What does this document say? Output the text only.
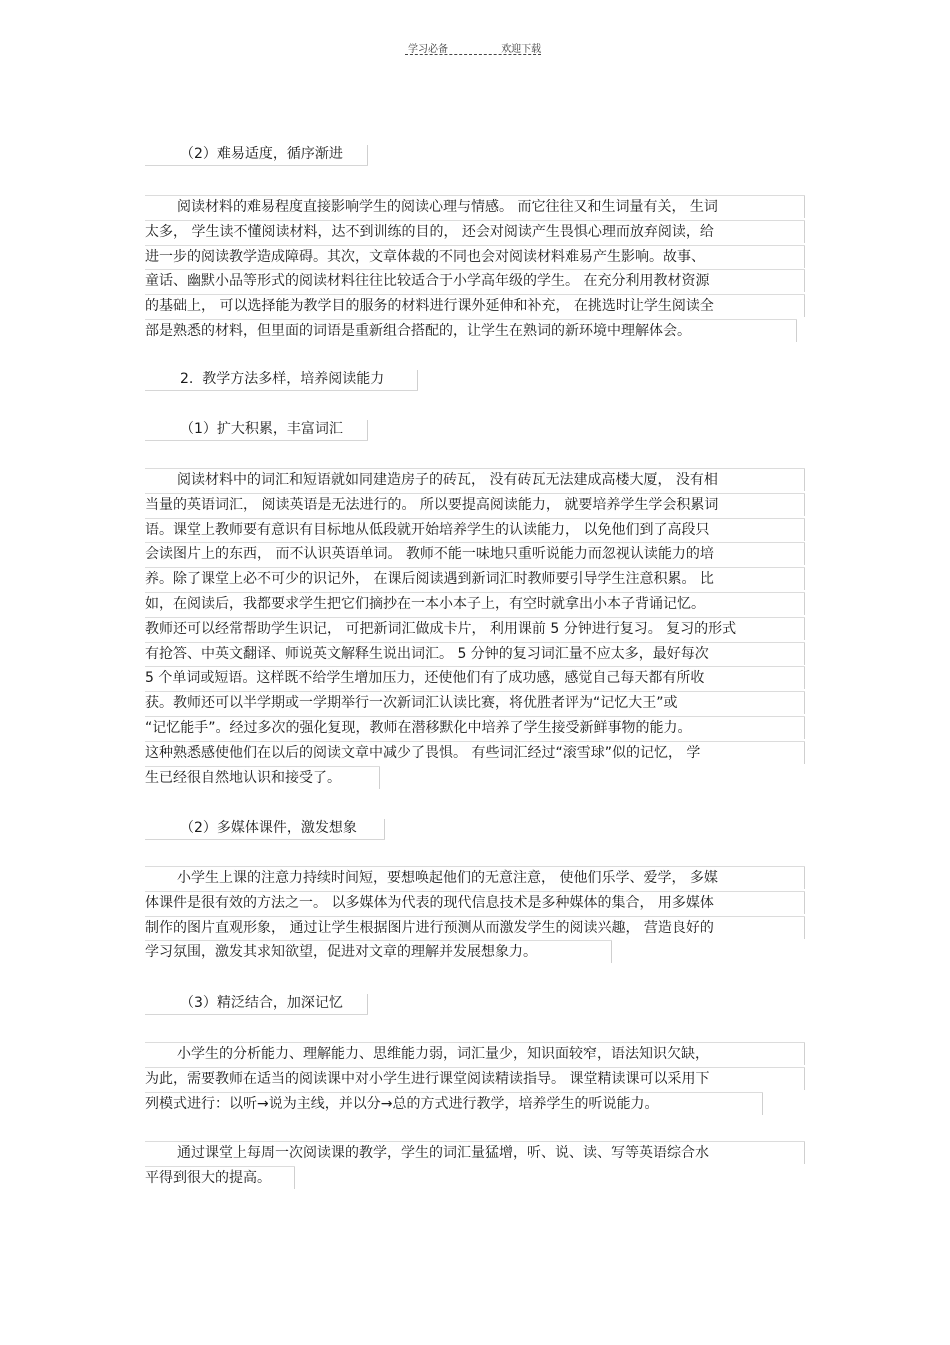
学习必备	欢迎下载
（2）难易适度，循序渐进
阅读材料的难易程度直接影响学生的阅读心理与情感。 而它往往又和生词量有关， 生词
太多， 学生读不懂阅读材料，达不到训练的目的， 还会对阅读产生畏惧心理而放弃阅读，给
进一步的阅读教学造成障碍。其次，文章体裁的不同也会对阅读材料难易产生影响。故事、
童话、幽默小品等形式的阅读材料往往比较适合于小学高年级的学生。 在充分利用教材资源
的基础上， 可以选择能为教学目的服务的材料进行课外延伸和补充， 在挑选时让学生阅读全
部是熟悉的材料，但里面的词语是重新组合搭配的，让学生在熟词的新环境中理解体会。
2.  教学方法多样，培养阅读能力
（1）扩大积累，丰富词汇
阅读材料中的词汇和短语就如同建造房子的砖瓦， 没有砖瓦无法建成高楼大厦， 没有相
当量的英语词汇， 阅读英语是无法进行的。 所以要提高阅读能力， 就要培养学生学会积累词
语。课堂上教师要有意识有目标地从低段就开始培养学生的认读能力， 以免他们到了高段只
会读图片上的东西， 而不认识英语单词。 教师不能一味地只重听说能力而忽视认读能力的培
养。除了课堂上必不可少的识记外， 在课后阅读遇到新词汇时教师要引导学生注意积累。 比
如，在阅读后，我都要求学生把它们摘抄在一本小本子上，有空时就拿出小本子背诵记忆。
教师还可以经常帮助学生识记， 可把新词汇做成卡片， 利用课前 5 分钟进行复习。 复习的形式
有抢答、中英文翻译、师说英文解释生说出词汇。 5 分钟的复习词汇量不应太多，最好每次
5 个单词或短语。这样既不给学生增加压力，还使他们有了成功感，感觉自己每天都有所收
获。教师还可以半学期或一学期举行一次新词汇认读比赛，将优胜者评为“记忆大王”或
“记忆能手”。经过多次的强化复现，教师在潜移默化中培养了学生接受新鲜事物的能力。
这种熟悉感使他们在以后的阅读文章中减少了畏惧。 有些词汇经过“滚雪球”似的记忆， 学
生已经很自然地认识和接受了。
（2）多媒体课件，激发想象
小学生上课的注意力持续时间短，要想唤起他们的无意注意， 使他们乐学、爱学， 多媒
体课件是很有效的方法之一。 以多媒体为代表的现代信息技术是多种媒体的集合， 用多媒体
制作的图片直观形象， 通过让学生根据图片进行预测从而激发学生的阅读兴趣， 营造良好的
学习氛围，激发其求知欲望，促进对文章的理解并发展想象力。
（3）精泛结合，加深记忆
小学生的分析能力、理解能力、思维能力弱，词汇量少，知识面较窄，语法知识欠缺，
为此，需要教师在适当的阅读课中对小学生进行课堂阅读精读指导。 课堂精读课可以采用下
列模式进行：以听→说为主线，并以分→总的方式进行教学，培养学生的听说能力。
通过课堂上每周一次阅读课的教学，学生的词汇量猛增，听、说、读、写等英语综合水
平得到很大的提高。
